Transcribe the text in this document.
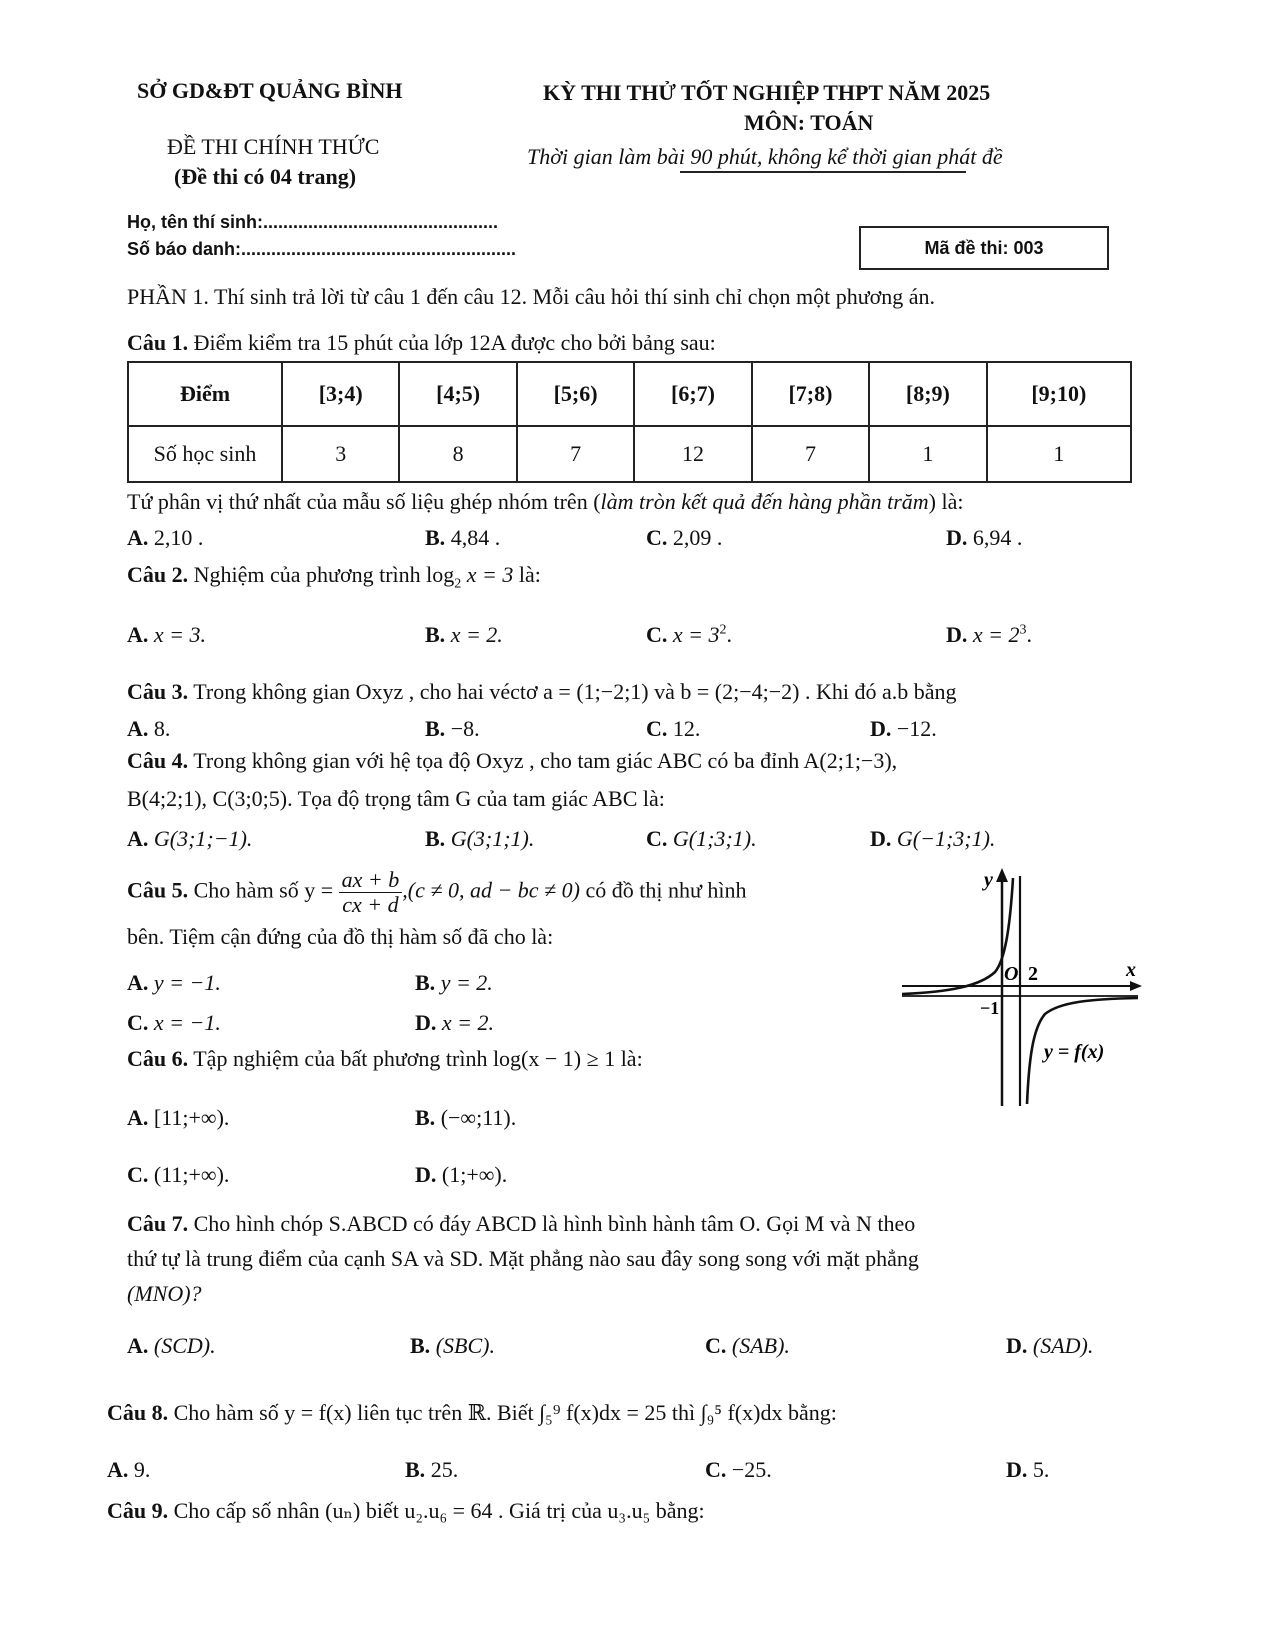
SỞ GD&ĐT QUẢNG BÌNH	KỲ THI THỬ TỐT NGHIỆP THPT NĂM 2025
MÔN: TOÁN
ĐỀ THI CHÍNH THỨC
(Đề thi có 04 trang)
Thời gian làm bài 90 phút, không kể thời gian phát đề
Họ, tên thí sinh:...............................................
Số báo danh:.......................................................	Mã đề thi: 003
PHẦN 1. Thí sinh trả lời từ câu 1 đến câu 12. Mỗi câu hỏi thí sinh chỉ chọn một phương án.
Câu 1. Điểm kiểm tra 15 phút của lớp 12A được cho bởi bảng sau:
Điểm	[3;4)	[4;5)	[5;6)	[6;7)	[7;8)	[8;9)	[9;10)
Số học sinh	3	8	7	12	7	1	1
Tứ phân vị thứ nhất của mẫu số liệu ghép nhóm trên (làm tròn kết quả đến hàng phần trăm) là:
A. 2,10 .	B. 4,84 .	C. 2,09 .	D. 6,94 .
Câu 2. Nghiệm của phương trình $\log_2 x = 3$ là:
A. x = 3.	B. x = 2.	C. $x = 3^2$.	D. $x = 2^3$.
Câu 3. Trong không gian Oxyz , cho hai véctơ a = (1;−2;1) và b = (2;−4;−2) . Khi đó a.b bằng
A. 8.	B. −8.	C. 12.	D. −12.
Câu 4. Trong không gian với hệ tọa độ Oxyz , cho tam giác ABC có ba đỉnh A(2;1;−3),
B(4;2;1), C(3;0;5). Tọa độ trọng tâm G của tam giác ABC là:
A. G(3;1;−1).	B. G(3;1;1).	C. G(1;3;1).	D. G(−1;3;1).
Câu 5. Cho hàm số $y = \frac{ax + b}{cx + d} ,(c \ne 0$, ad − bc ≠ 0) có đồ thị như hình
bên. Tiệm cận đứng của đồ thị hàm số đã cho là:
A. y = −1.	B. y = 2.
C. x = −1.	D. x = 2.
y
x
O 2
−1
y = f(x)
Câu 6. Tập nghiệm của bất phương trình log(x − 1) ≥ 1 là:
A. [11;+∞).	B. (−∞;11).
C. (11;+∞).	D. (1;+∞).
Câu 7. Cho hình chóp S.ABCD có đáy ABCD là hình bình hành tâm O. Gọi M và N theo
thứ tự là trung điểm của cạnh SA và SD. Mặt phẳng nào sau đây song song với mặt phẳng
(MNO)?
A. (SCD).	B. (SBC).	C. (SAB).	D. (SAD).
Câu 8. Cho hàm số y = f(x) liên tục trên ℝ. Biết ∫₅⁹ f(x)dx = 25 thì ∫₉⁵ f(x)dx bằng:
A. 9.	B. 25.	C. −25.	D. 5.
Câu 9. Cho cấp số nhân (uₙ) biết u₂.u₆ = 64 . Giá trị của u₃.u₅ bằng:
